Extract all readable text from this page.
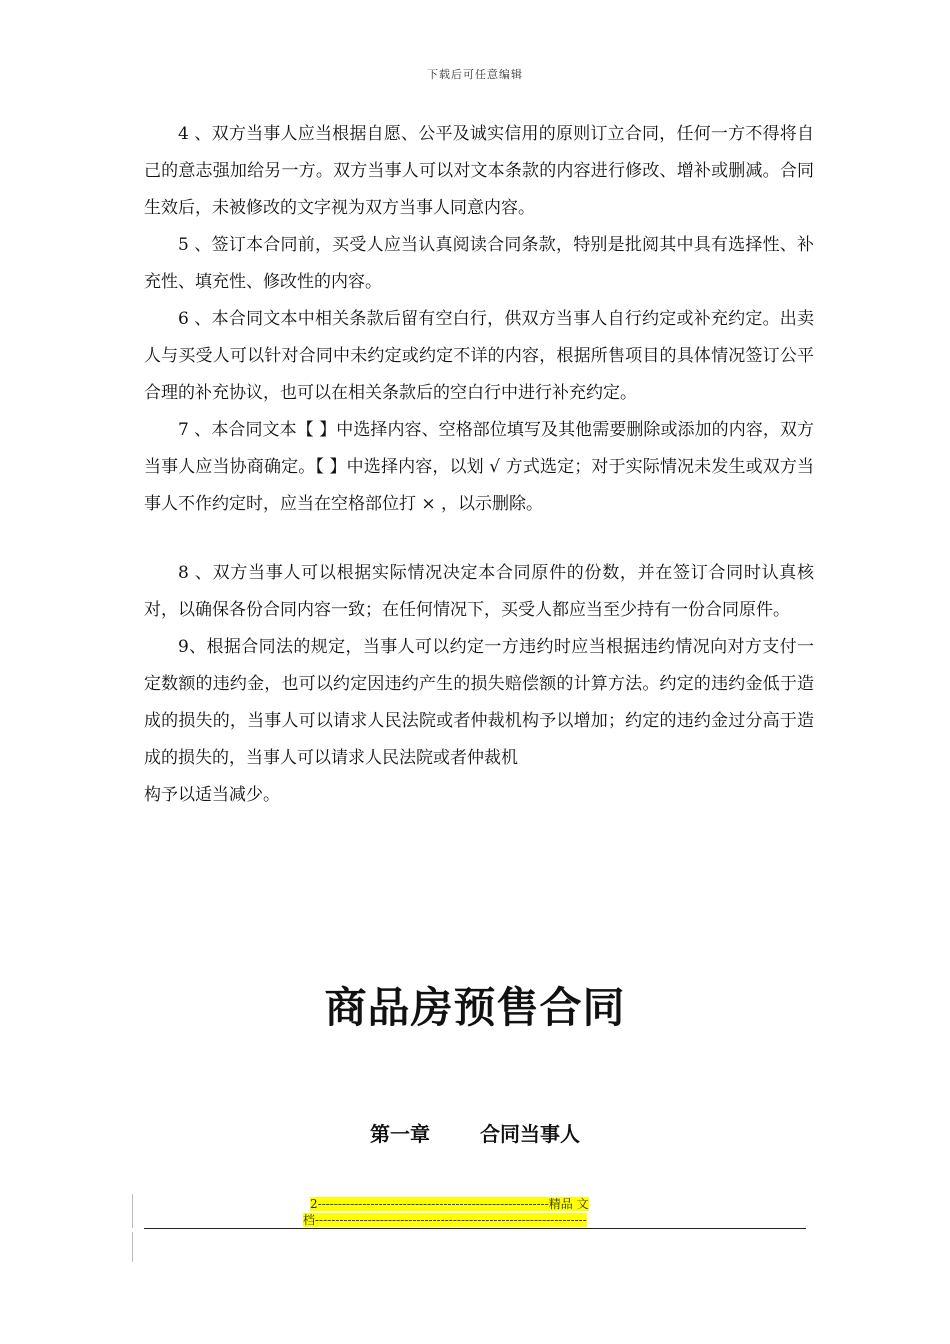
下载后可任意编辑

4 、双方当事人应当根据自愿、公平及诚实信用的原则订立合同，任何一方不得将自己的意志强加给另一方。双方当事人可以对文本条款的内容进行修改、增补或删减。合同生效后，未被修改的文字视为双方当事人同意内容。

5 、签订本合同前，买受人应当认真阅读合同条款，特别是批阅其中具有选择性、补充性、填充性、修改性的内容。

6 、本合同文本中相关条款后留有空白行，供双方当事人自行约定或补充约定。出卖人与买受人可以针对合同中未约定或约定不详的内容，根据所售项目的具体情况签订公平合理的补充协议，也可以在相关条款后的空白行中进行补充约定。

7 、本合同文本【 】中选择内容、空格部位填写及其他需要删除或添加的内容，双方当事人应当协商确定。【 】中选择内容，以划 √ 方式选定；对于实际情况未发生或双方当事人不作约定时，应当在空格部位打 × ，以示删除。

8 、双方当事人可以根据实际情况决定本合同原件的份数，并在签订合同时认真核对，以确保各份合同内容一致；在任何情况下，买受人都应当至少持有一份合同原件。

9、根据合同法的规定，当事人可以约定一方违约时应当根据违约情况向对方支付一定数额的违约金，也可以约定因违约产生的损失赔偿额的计算方法。约定的违约金低于造成的损失的，当事人可以请求人民法院或者仲裁机构予以增加；约定的违约金过分高于造成的损失的，当事人可以请求人民法院或者仲裁机

构予以适当减少。

商品房预售合同
第一章	合同当事人
2---------------------------------------------------------精品 文
档-------------------------------------------------------------------
